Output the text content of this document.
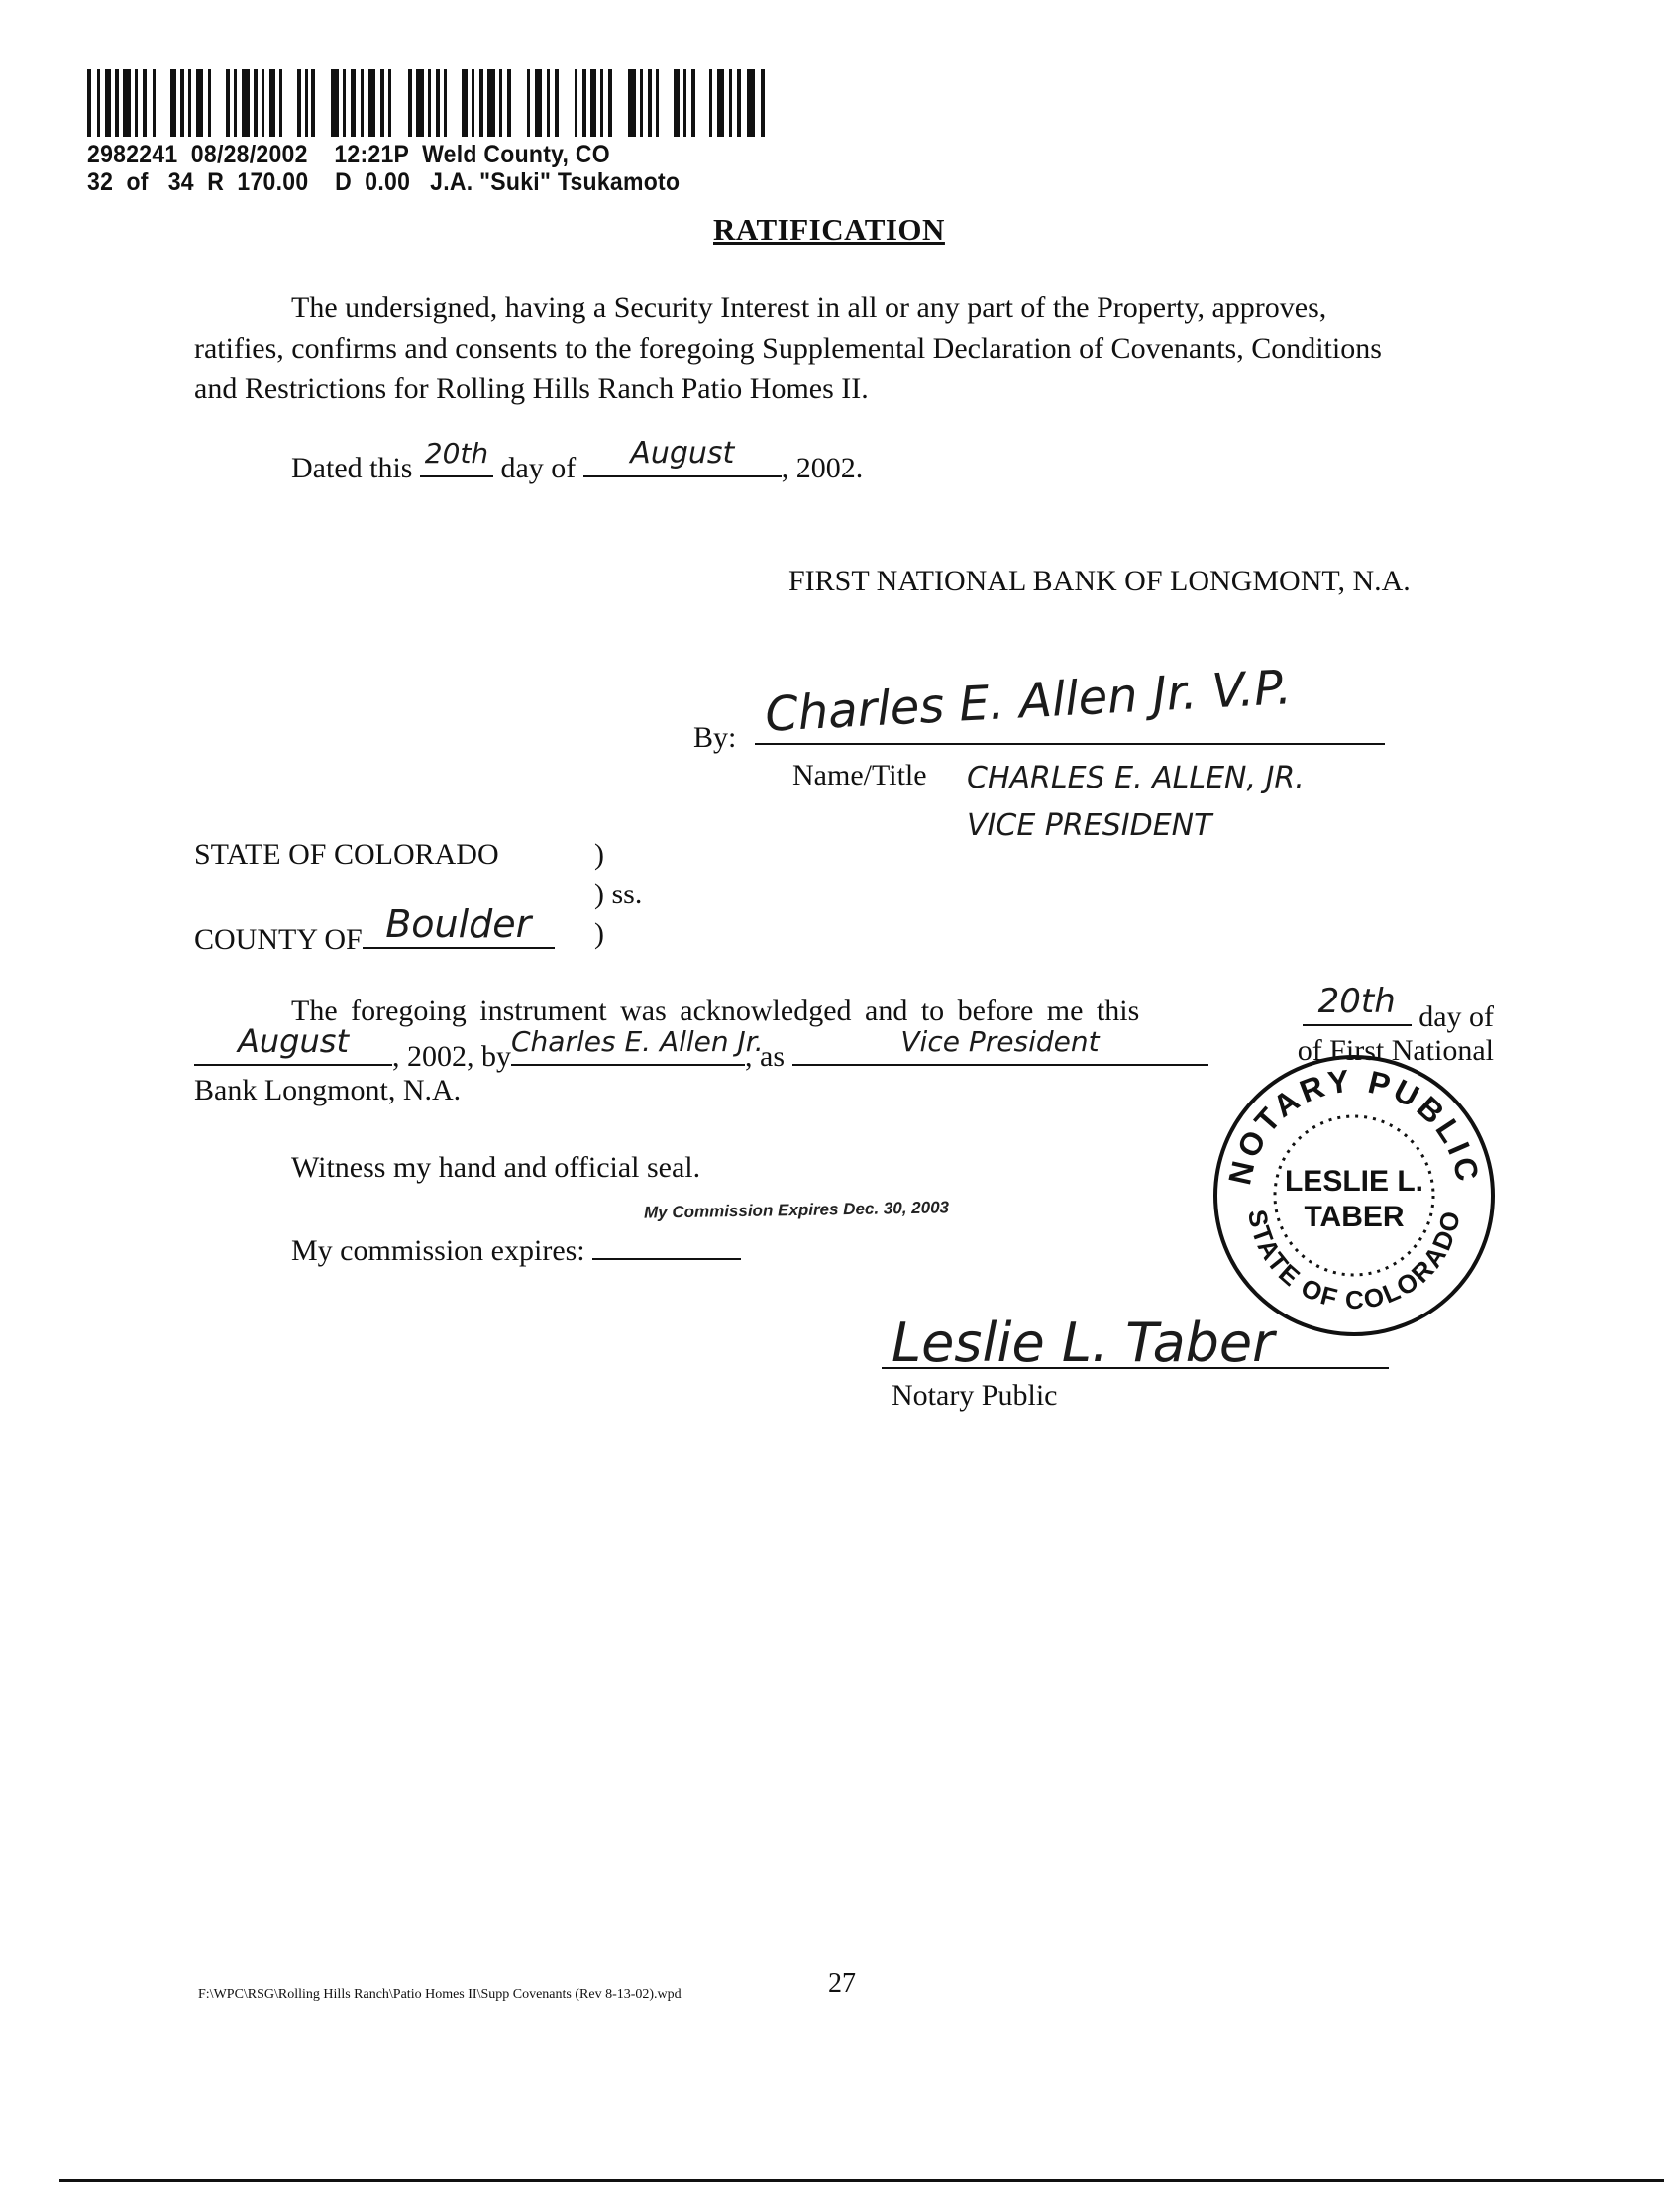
2982241  08/28/2002    12:21P  Weld County, CO
32  of   34  R  170.00    D  0.00   J.A. "Suki" Tsukamoto
RATIFICATION
The undersigned, having a Security Interest in all or any part of the Property, approves,
ratifies, confirms and consents to the foregoing Supplemental Declaration of Covenants, Conditions
and Restrictions for Rolling Hills Ranch Patio Homes II.
Dated this 20th day of	August	, 2002.
FIRST NATIONAL BANK OF LONGMONT, N.A.
By: Charles E. Allen Jr. V.P.
Name/Title CHARLES E. ALLEN, JR.
VICE PRESIDENT
STATE OF COLORADO	)
) ss.
COUNTY OF Boulder	)
The foregoing instrument was acknowledged and to before me this	20th day of
August	, 2002, by Charles E. Allen Jr.
, as	Vice President	of First National
Bank Longmont, N.A.
Witness my hand and official seal.
My commission expires:
My Commission Expires Dec. 30, 2003
Leslie L. Taber
Notary Public
NOTARY PUBLIC
STATE OF COLORADO
LESLIE L.
TABER
F:\WPC\RSG\Rolling Hills Ranch\Patio Homes II\Supp Covenants (Rev 8-13-02).wpd	27
